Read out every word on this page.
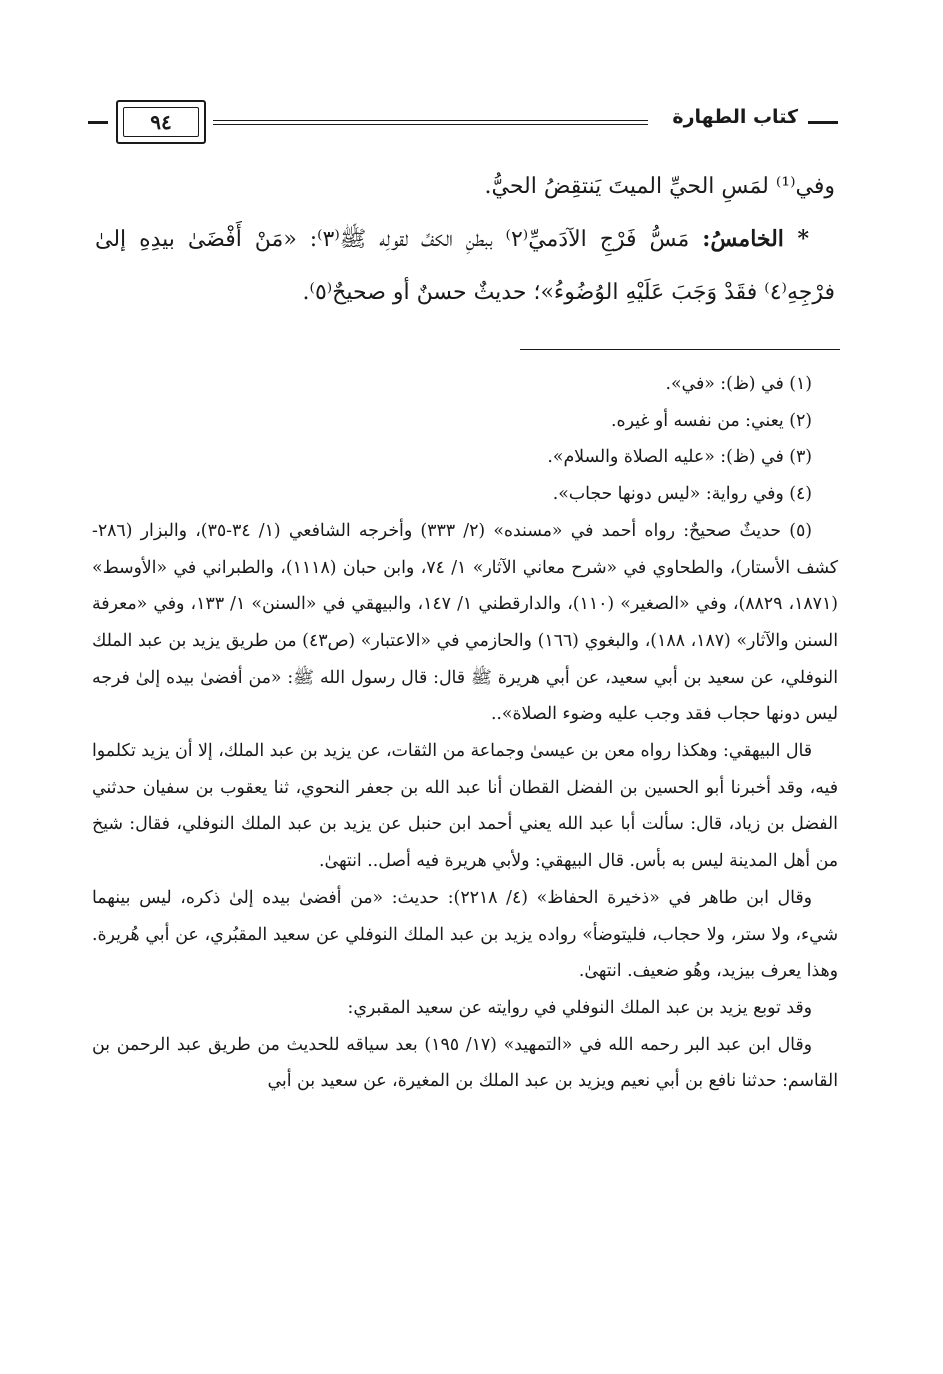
كتاب الطهارة
٩٤

وفي⁽¹⁾ لمَسِ الحيِّ الميتَ يَنتقِضُ الحيُّ.

* الخامسُ: مَسُّ فَرْجِ الآدَميِّ⁽٢⁾ ببطنِ الكفِّ لقولِه ﷺ⁽٣⁾: «مَنْ أَفْضَىٰ بيدِهِ إلىٰ فرْجِهِ⁽٤⁾ فقَدْ وَجَبَ عَلَيْهِ الوُضُوءُ»؛ حديثٌ حسنٌ أو صحيحٌ⁽٥⁾.

(١) في (ظ): «في».

(٢) يعني: من نفسه أو غيره.

(٣) في (ظ): «عليه الصلاة والسلام».

(٤) وفي رواية: «ليس دونها حجاب».

(٥) حديثٌ صحيحٌ: رواه أحمد في «مسنده» (٢/ ٣٣٣) وأخرجه الشافعي (١/ ٣٤-٣٥)، والبزار (٢٨٦- كشف الأستار)، والطحاوي في «شرح معاني الآثار» ١/ ٧٤، وابن حبان (١١١٨)، والطبراني في «الأوسط» (١٨٧١، ٨٨٢٩)، وفي «الصغير» (١١٠)، والدارقطني ١/ ١٤٧، والبيهقي في «السنن» ١/ ١٣٣، وفي «معرفة السنن والآثار» (١٨٧، ١٨٨)، والبغوي (١٦٦) والحازمي في «الاعتبار» (ص٤٣) من طريق يزيد بن عبد الملك النوفلي، عن سعيد بن أبي سعيد، عن أبي هريرة ﷺ قال: قال رسول الله ﷺ: «من أفضىٰ بيده إلىٰ فرجه ليس دونها حجاب فقد وجب عليه وضوء الصلاة»..

قال البيهقي: وهكذا رواه معن بن عيسىٰ وجماعة من الثقات، عن يزيد بن عبد الملك، إلا أن يزيد تكلموا فيه، وقد أخبرنا أبو الحسين بن الفضل القطان أنا عبد الله بن جعفر النحوي، ثنا يعقوب بن سفيان حدثني الفضل بن زياد، قال: سألت أبا عبد الله يعني أحمد ابن حنبل عن يزيد بن عبد الملك النوفلي، فقال: شيخ من أهل المدينة ليس به بأس. قال البيهقي: ولأبي هريرة فيه أصل.. انتهىٰ.

وقال ابن طاهر في «ذخيرة الحفاظ» (٤/ ٢٢١٨): حديث: «من أفضىٰ بيده إلىٰ ذكره، ليس بينهما شيء، ولا ستر، ولا حجاب، فليتوضأ» رواده يزيد بن عبد الملك النوفلي عن سعيد المقبُري، عن أبي هُريرة. وهذا يعرف بيزيد، وهُو ضعيف. انتهىٰ.

وقد توبع يزيد بن عبد الملك النوفلي في روايته عن سعيد المقبري:

وقال ابن عبد البر رحمه الله في «التمهيد» (١٧/ ١٩٥) بعد سياقه للحديث من طريق عبد الرحمن بن القاسم: حدثنا نافع بن أبي نعيم ويزيد بن عبد الملك بن المغيرة، عن سعيد بن أبي
